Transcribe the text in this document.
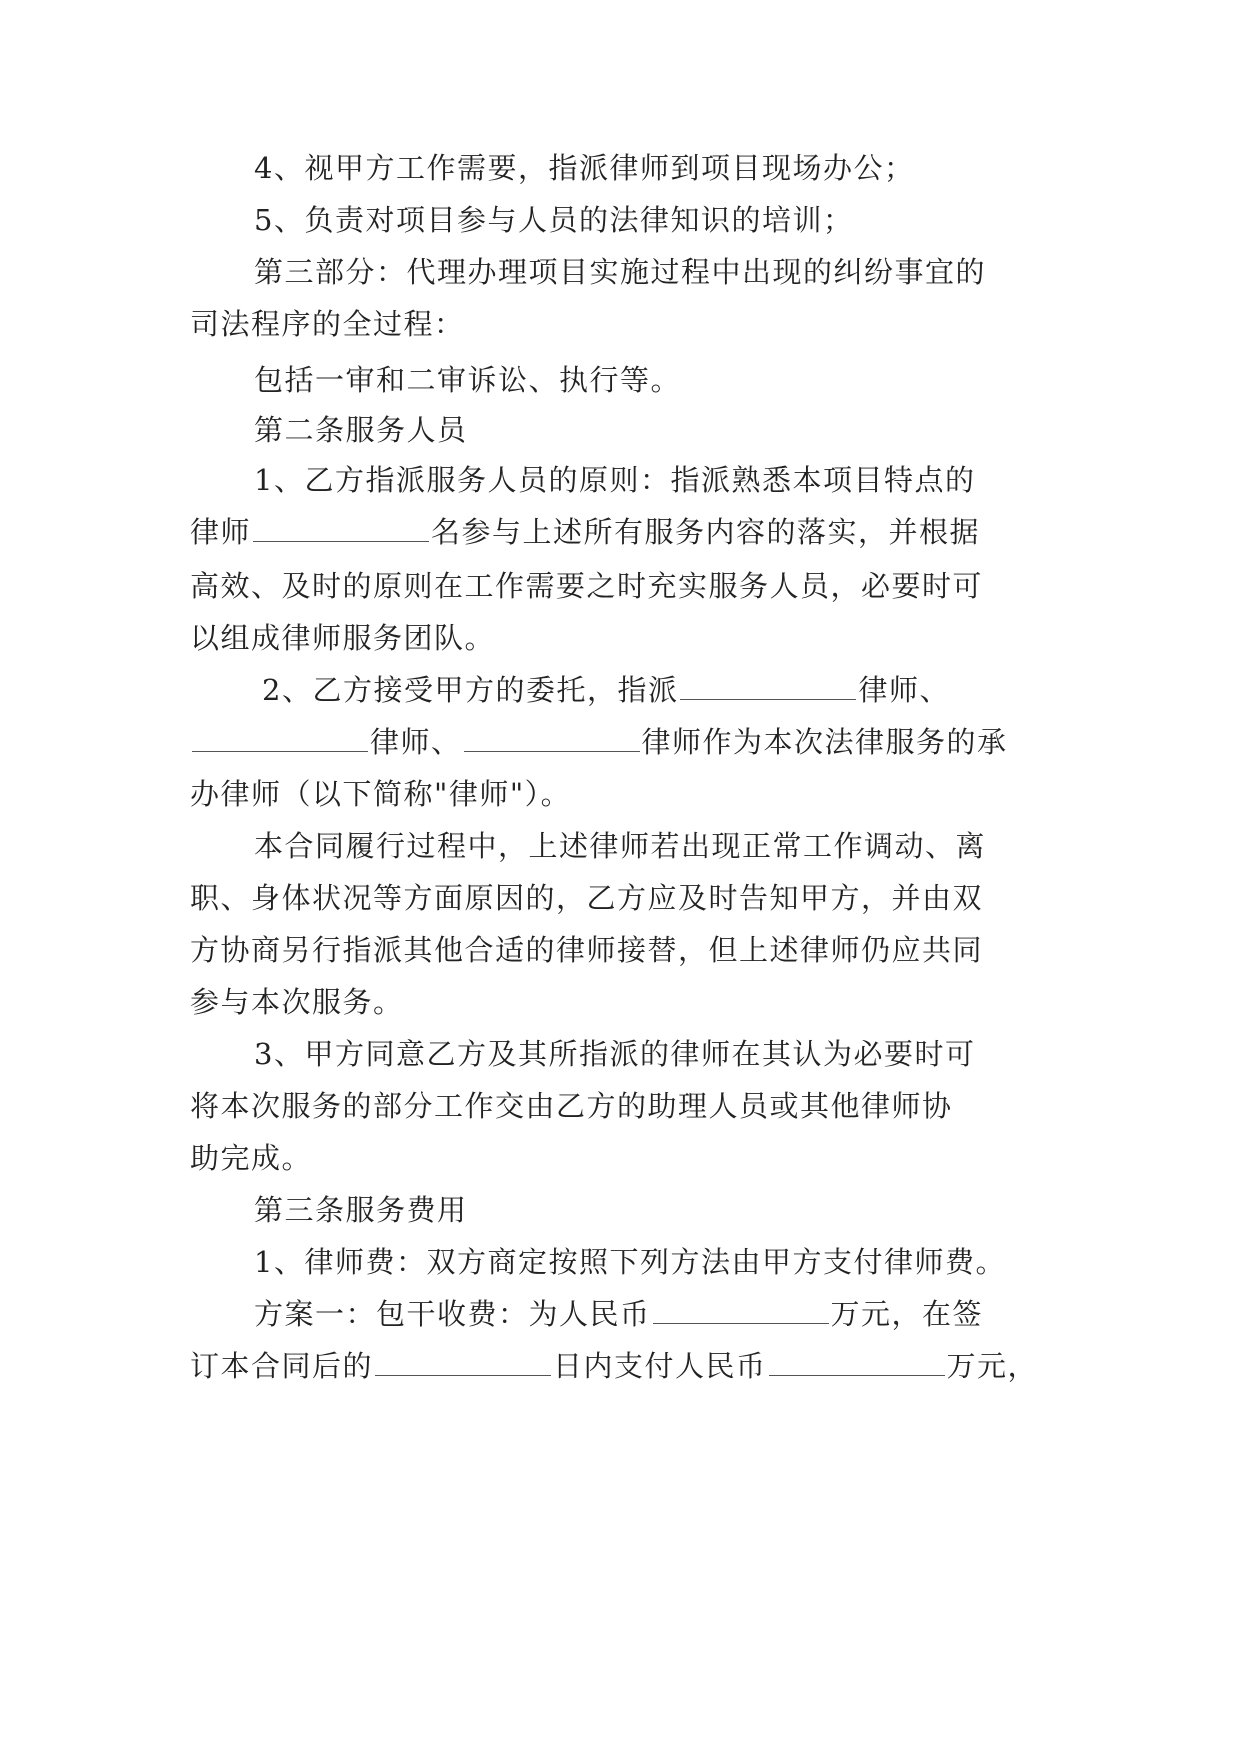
4、视甲方工作需要，指派律师到项目现场办公；
5、负责对项目参与人员的法律知识的培训；
第三部分：代理办理项目实施过程中出现的纠纷事宜的
司法程序的全过程：
包括一审和二审诉讼、执行等。
第二条服务人员
1、乙方指派服务人员的原则：指派熟悉本项目特点的
律师	名参与上述所有服务内容的落实，并根据
高效、及时的原则在工作需要之时充实服务人员，必要时可
以组成律师服务团队。
2、乙方接受甲方的委托，指派	律师、
律师、	律师作为本次法律服务的承
办律师（以下简称"律师"）。
本合同履行过程中，上述律师若出现正常工作调动、离
职、身体状况等方面原因的，乙方应及时告知甲方，并由双
方协商另行指派其他合适的律师接替，但上述律师仍应共同
参与本次服务。
3、甲方同意乙方及其所指派的律师在其认为必要时可
将本次服务的部分工作交由乙方的助理人员或其他律师协
助完成。
第三条服务费用
1、律师费：双方商定按照下列方法由甲方支付律师费。
方案一：包干收费：为人民币	万元，在签
订本合同后的	日内支付人民币	万元，
